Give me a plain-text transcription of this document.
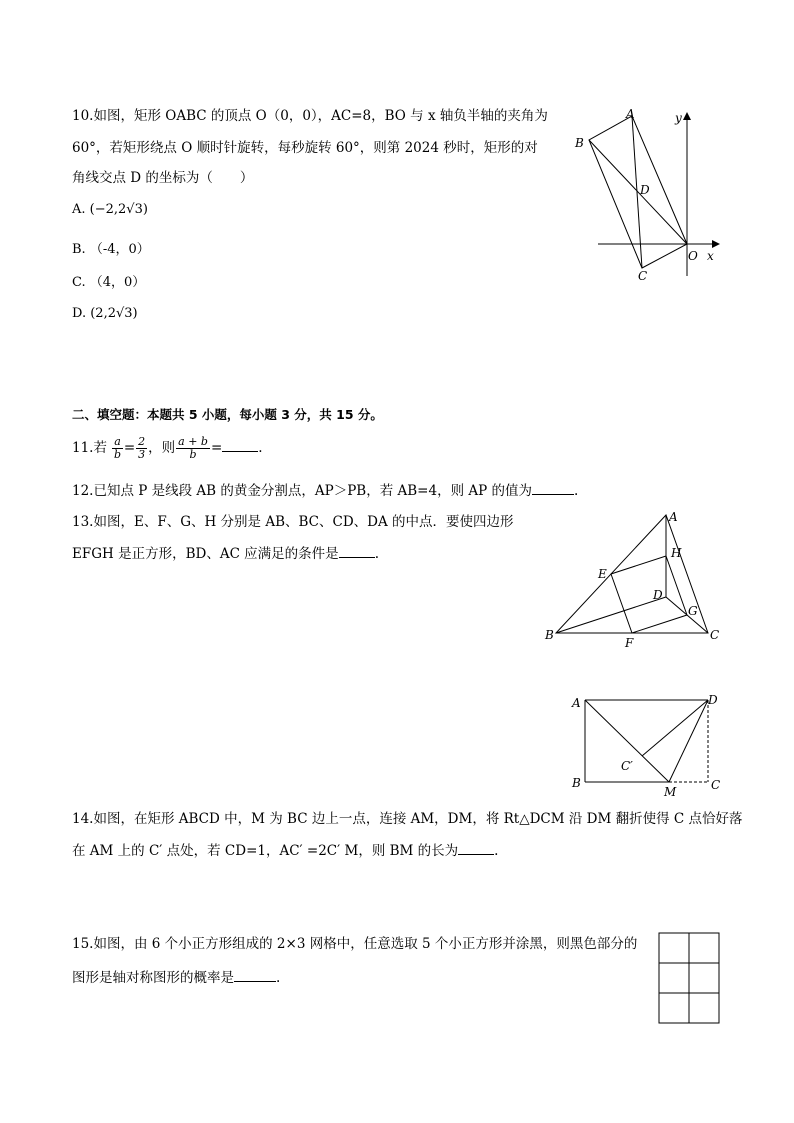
10.如图，矩形 OABC 的顶点 O（0，0），AC=8，BO 与 x 轴负半轴的夹角为
60°，若矩形绕点 O 顺时针旋转，每秒旋转 60°，则第 2024 秒时，矩形的对
角线交点 D 的坐标为（　　）
A. (−2,2√3)
B. （-4，0）
C. （4，0）
D. (2,2√3)
A
B
C
D
O x
y
二、填空题：本题共 5 小题，每小题 3 分，共 15 分。
11.若 $\frac{a}{b} = \frac{2}{3}$ ，则 $\frac{a + b}{b}$ =	.
12.已知点 P 是线段 AB 的黄金分割点，AP＞PB，若 AB=4，则 AP 的值为	.
13.如图，E、F、G、H 分别是 AB、BC、CD、DA 的中点．要使四边形
EFGH 是正方形，BD、AC 应满足的条件是	.
A
B	C
D
E
F
G
H
A
B	C
D
M
C′
14.如图，在矩形 ABCD 中，M 为 BC 边上一点，连接 AM，DM，将 Rt△DCM 沿 DM 翻折使得 C 点恰好落
在 AM 上的 C′ 点处，若 CD=1，AC′ =2C′ M，则 BM 的长为	.
15.如图，由 6 个小正方形组成的 2×3 网格中，任意选取 5 个小正方形并涂黑，则黑色部分的
图形是轴对称图形的概率是	.
